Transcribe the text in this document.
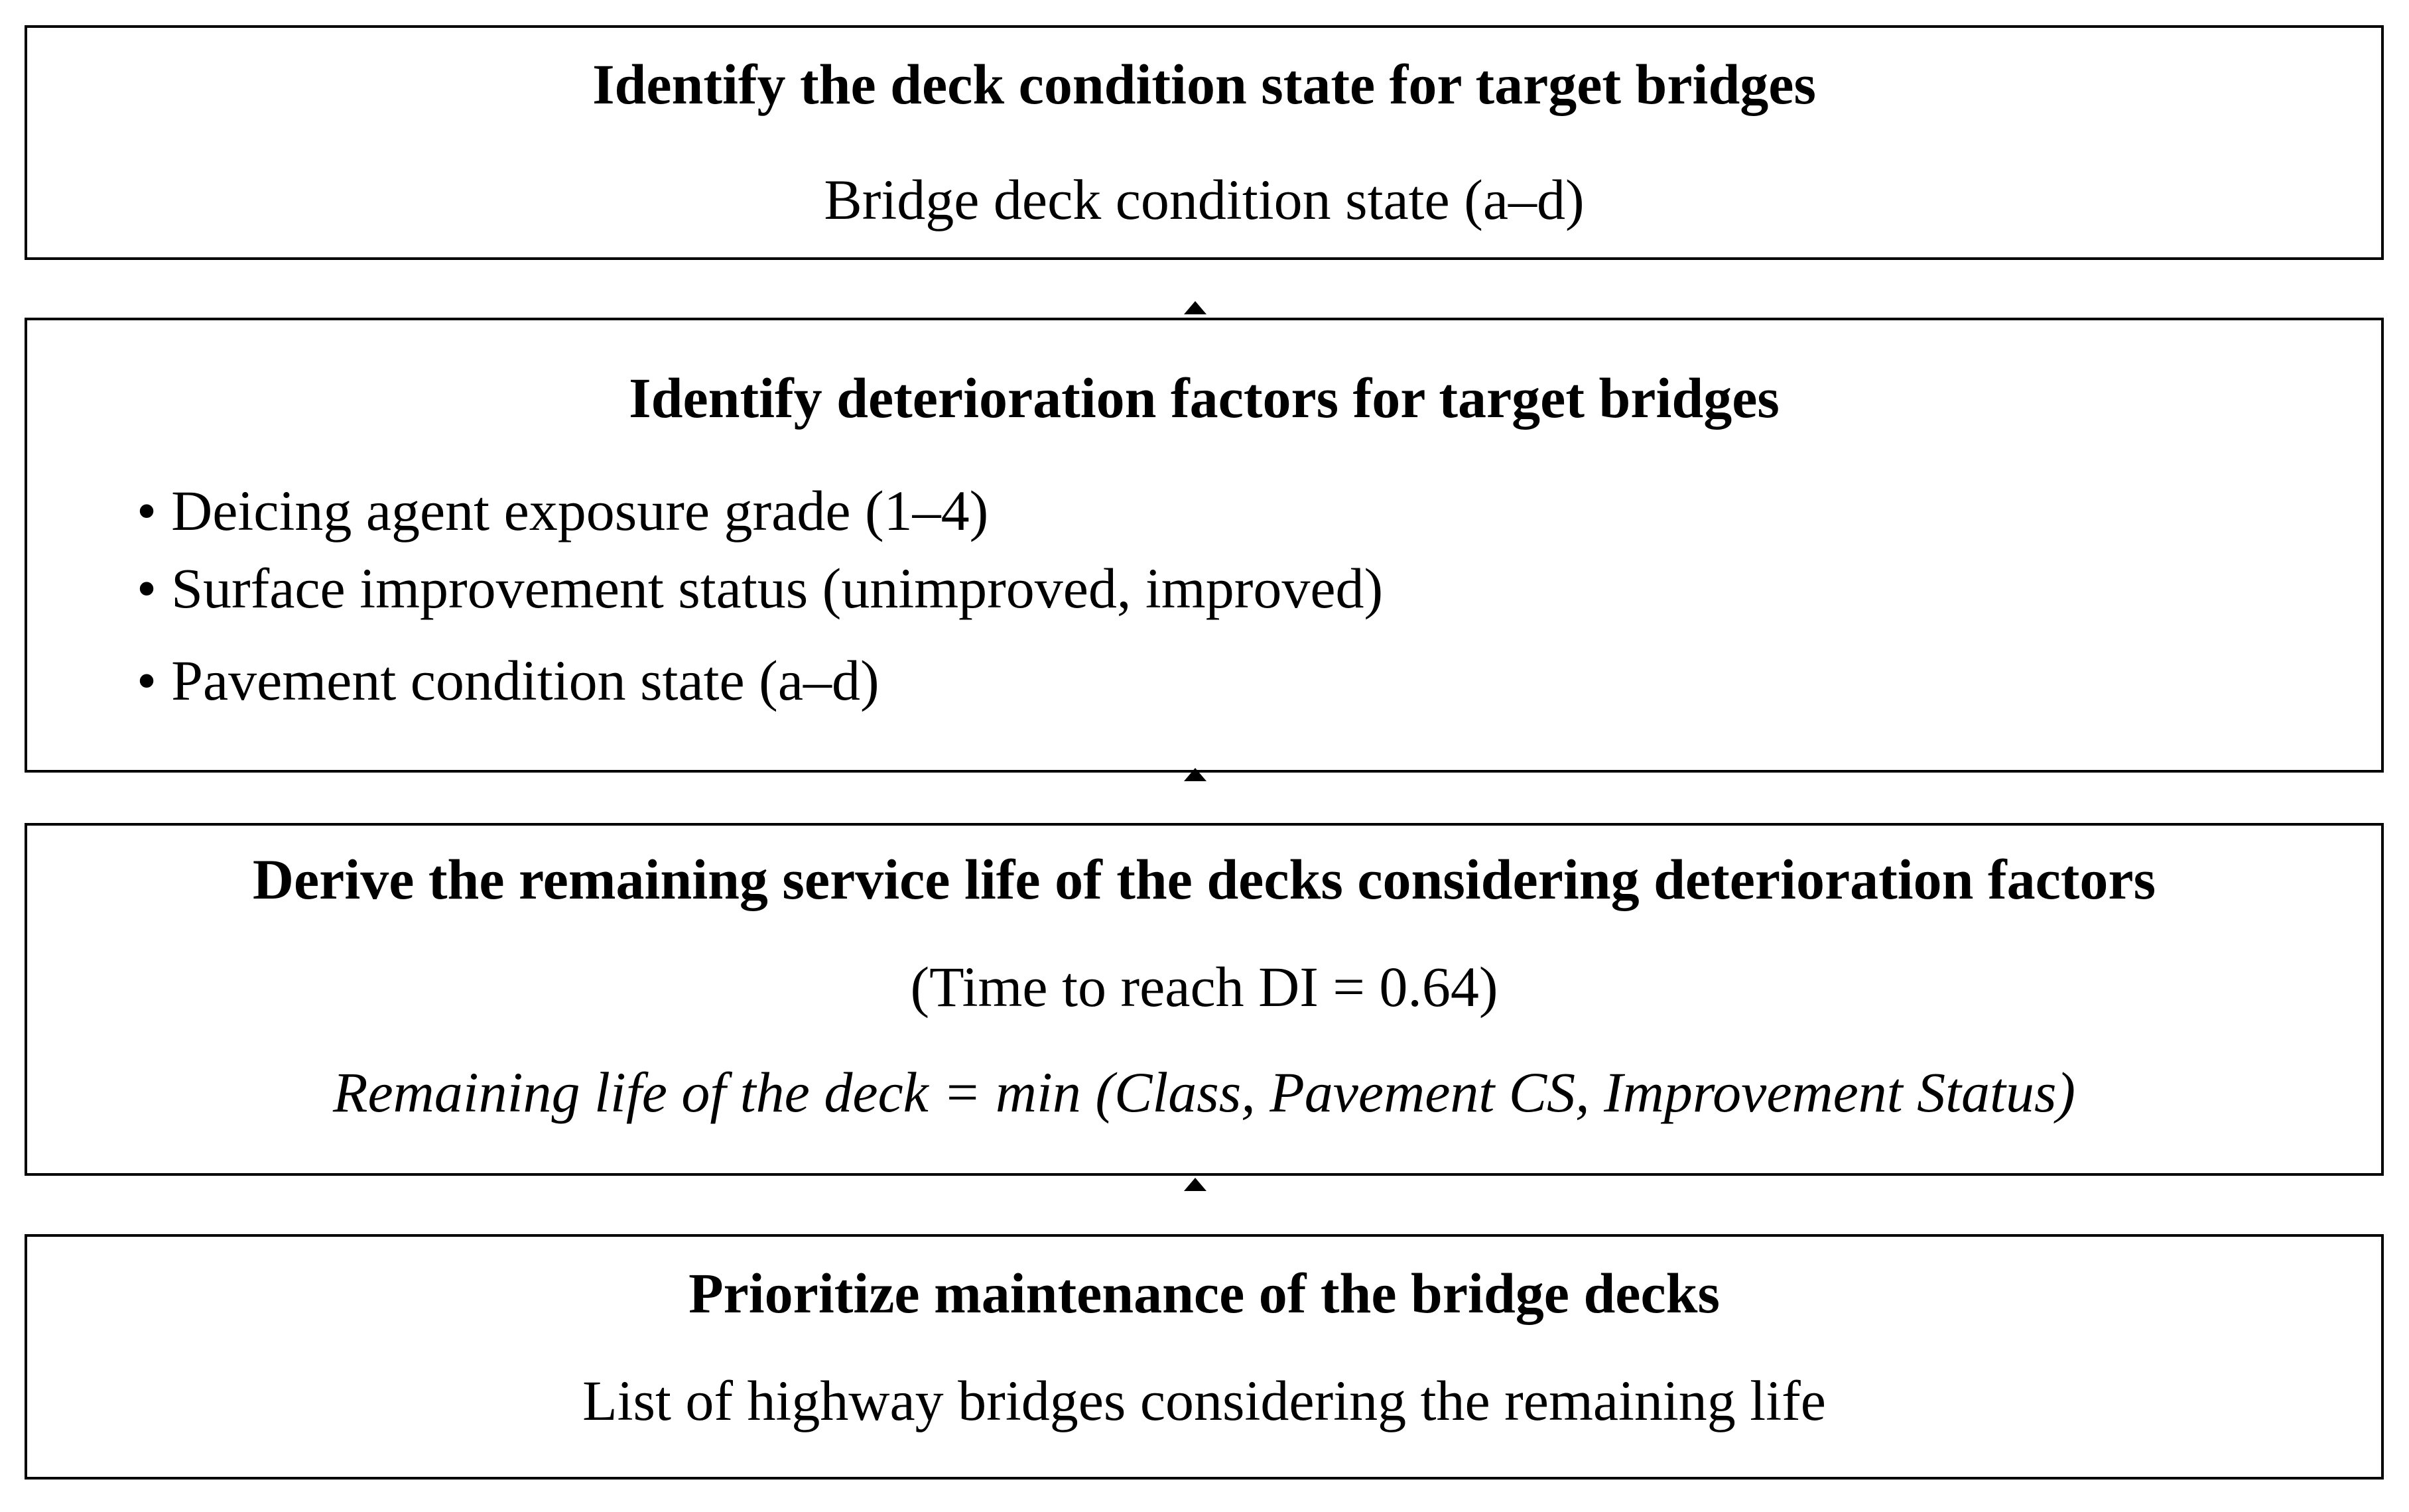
Identify the deck condition state for target bridges
Bridge deck condition state (a–d)
Identify deterioration factors for target bridges
• Deicing agent exposure grade (1–4)
• Surface improvement status (unimproved, improved)
• Pavement condition state (a–d)
Derive the remaining service life of the decks considering deterioration factors
(Time to reach DI = 0.64)
Remaining life of the deck = min (Class, Pavement CS, Improvement Status)
Prioritize maintenance of the bridge decks
List of highway bridges considering the remaining life
